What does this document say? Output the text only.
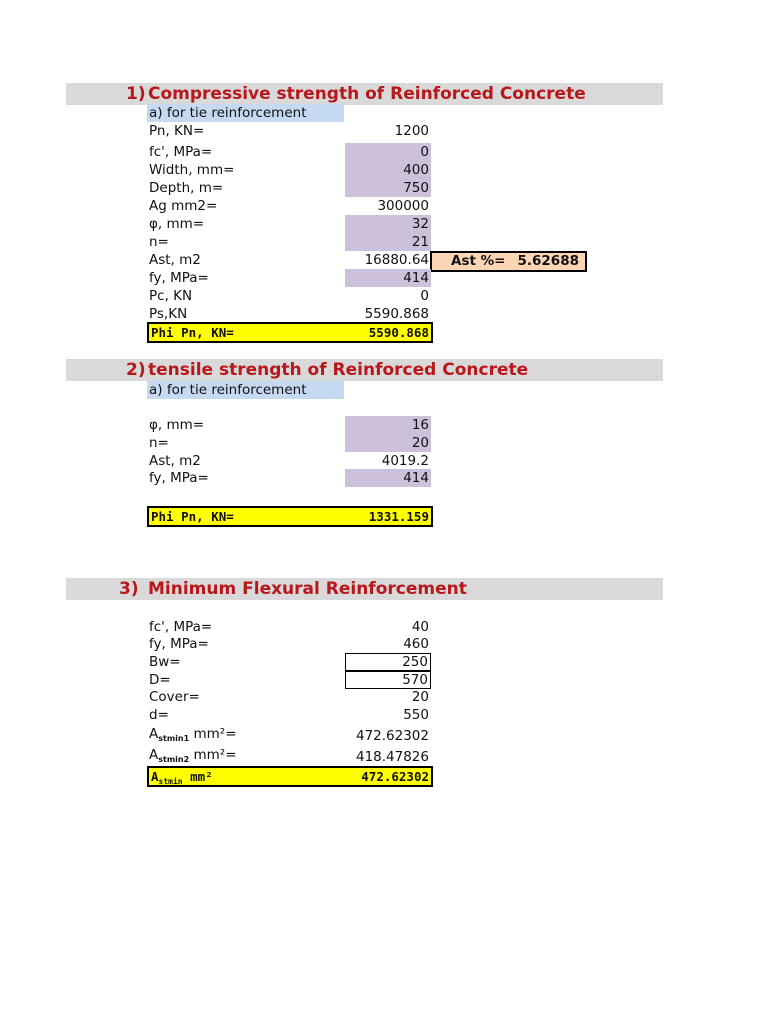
1) Compressive strength of Reinforced Concrete
a) for tie reinforcement
Pn, KN=	1200
fc', MPa=	0
Width, mm=	400
Depth, m=	750
Ag mm2=	300000
φ, mm=	32
n=	21
Ast, m2	16880.64 Ast %= 5.62688
fy, MPa=	414
Pc, KN	0
Ps,KN	5590.868
Phi Pn, KN=	5590.868
2) tensile strength of Reinforced Concrete
a) for tie reinforcement
φ, mm=	16
n=	20
Ast, m2	4019.2
fy, MPa=	414
Phi Pn, KN=	1331.159
3) Minimum Flexural Reinforcement
fc', MPa=	40
fy, MPa=	460
Bw=	250
D=	570
Cover=	20
d=	550
$A_{stmin1}$ mm²=	472.62302
$A_{stmin2}$ mm²=	418.47826
$A_{stmin}$ mm²	472.62302
